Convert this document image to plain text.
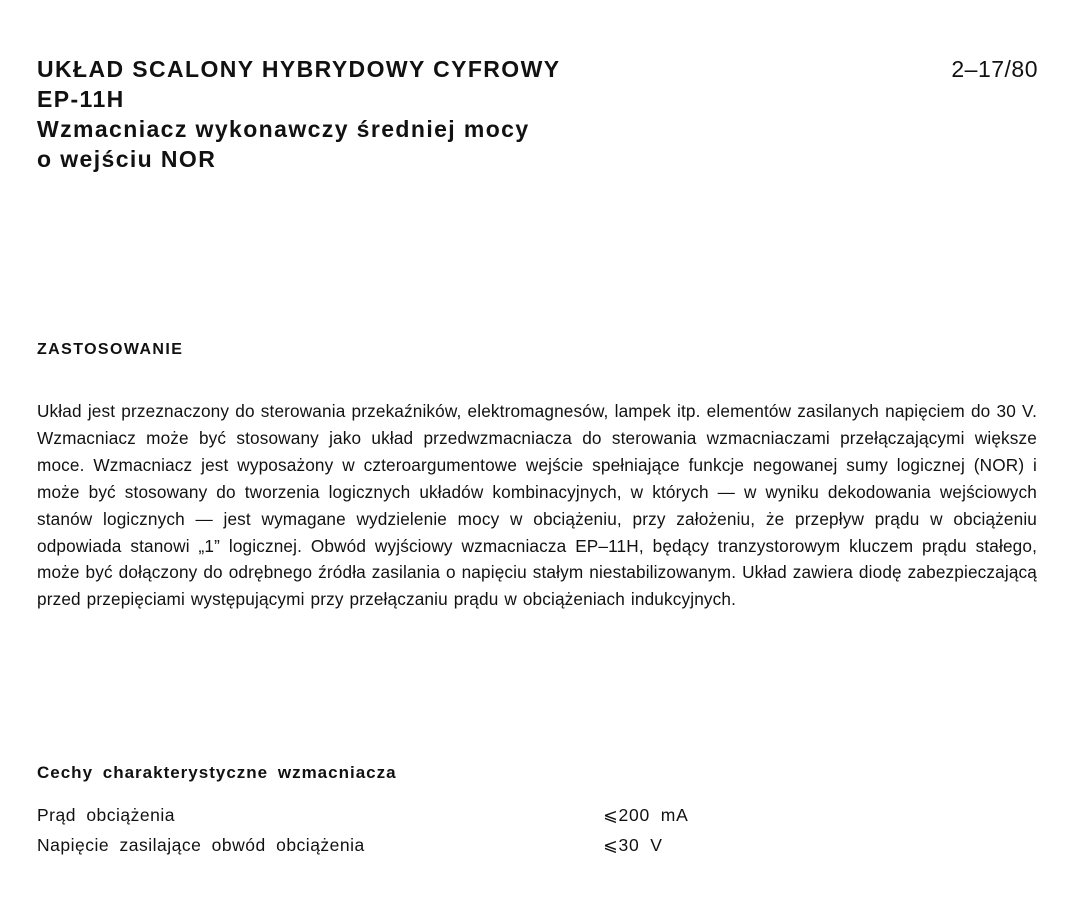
2–17/80
UKŁAD SCALONY HYBRYDOWY CYFROWY
EP-11H
Wzmacniacz wykonawczy średniej mocy
o wejściu NOR
ZASTOSOWANIE

Układ jest przeznaczony do sterowania przekaźników, elektromagnesów, lampek itp. elementów zasilanych napięciem do 30 V. Wzmacniacz może być stosowany jako układ przedwzmacniacza do sterowania wzmacniaczami przełączającymi większe moce. Wzmacniacz jest wyposażony w czteroargumentowe wejście spełniające funkcje negowanej sumy logicznej (NOR) i może być stosowany do tworzenia logicznych układów kombinacyjnych, w których — w wyniku dekodowania wejściowych stanów logicznych — jest wymagane wydzielenie mocy w obciążeniu, przy założeniu, że przepływ prądu w obciążeniu odpowiada stanowi „1” logicznej. Obwód wyjściowy wzmacniacza EP–11H, będący tranzystorowym kluczem prądu stałego, może być dołączony do odrębnego źródła zasilania o napięciu stałym niestabilizowanym. Układ zawiera diodę zabezpieczającą przed przepięciami występującymi przy przełączaniu prądu w obciążeniach indukcyjnych.

Cechy charakterystyczne wzmacniacza
Prąd obciążenia	⩽200 mA
Napięcie zasilające obwód obciążenia	⩽30 V
